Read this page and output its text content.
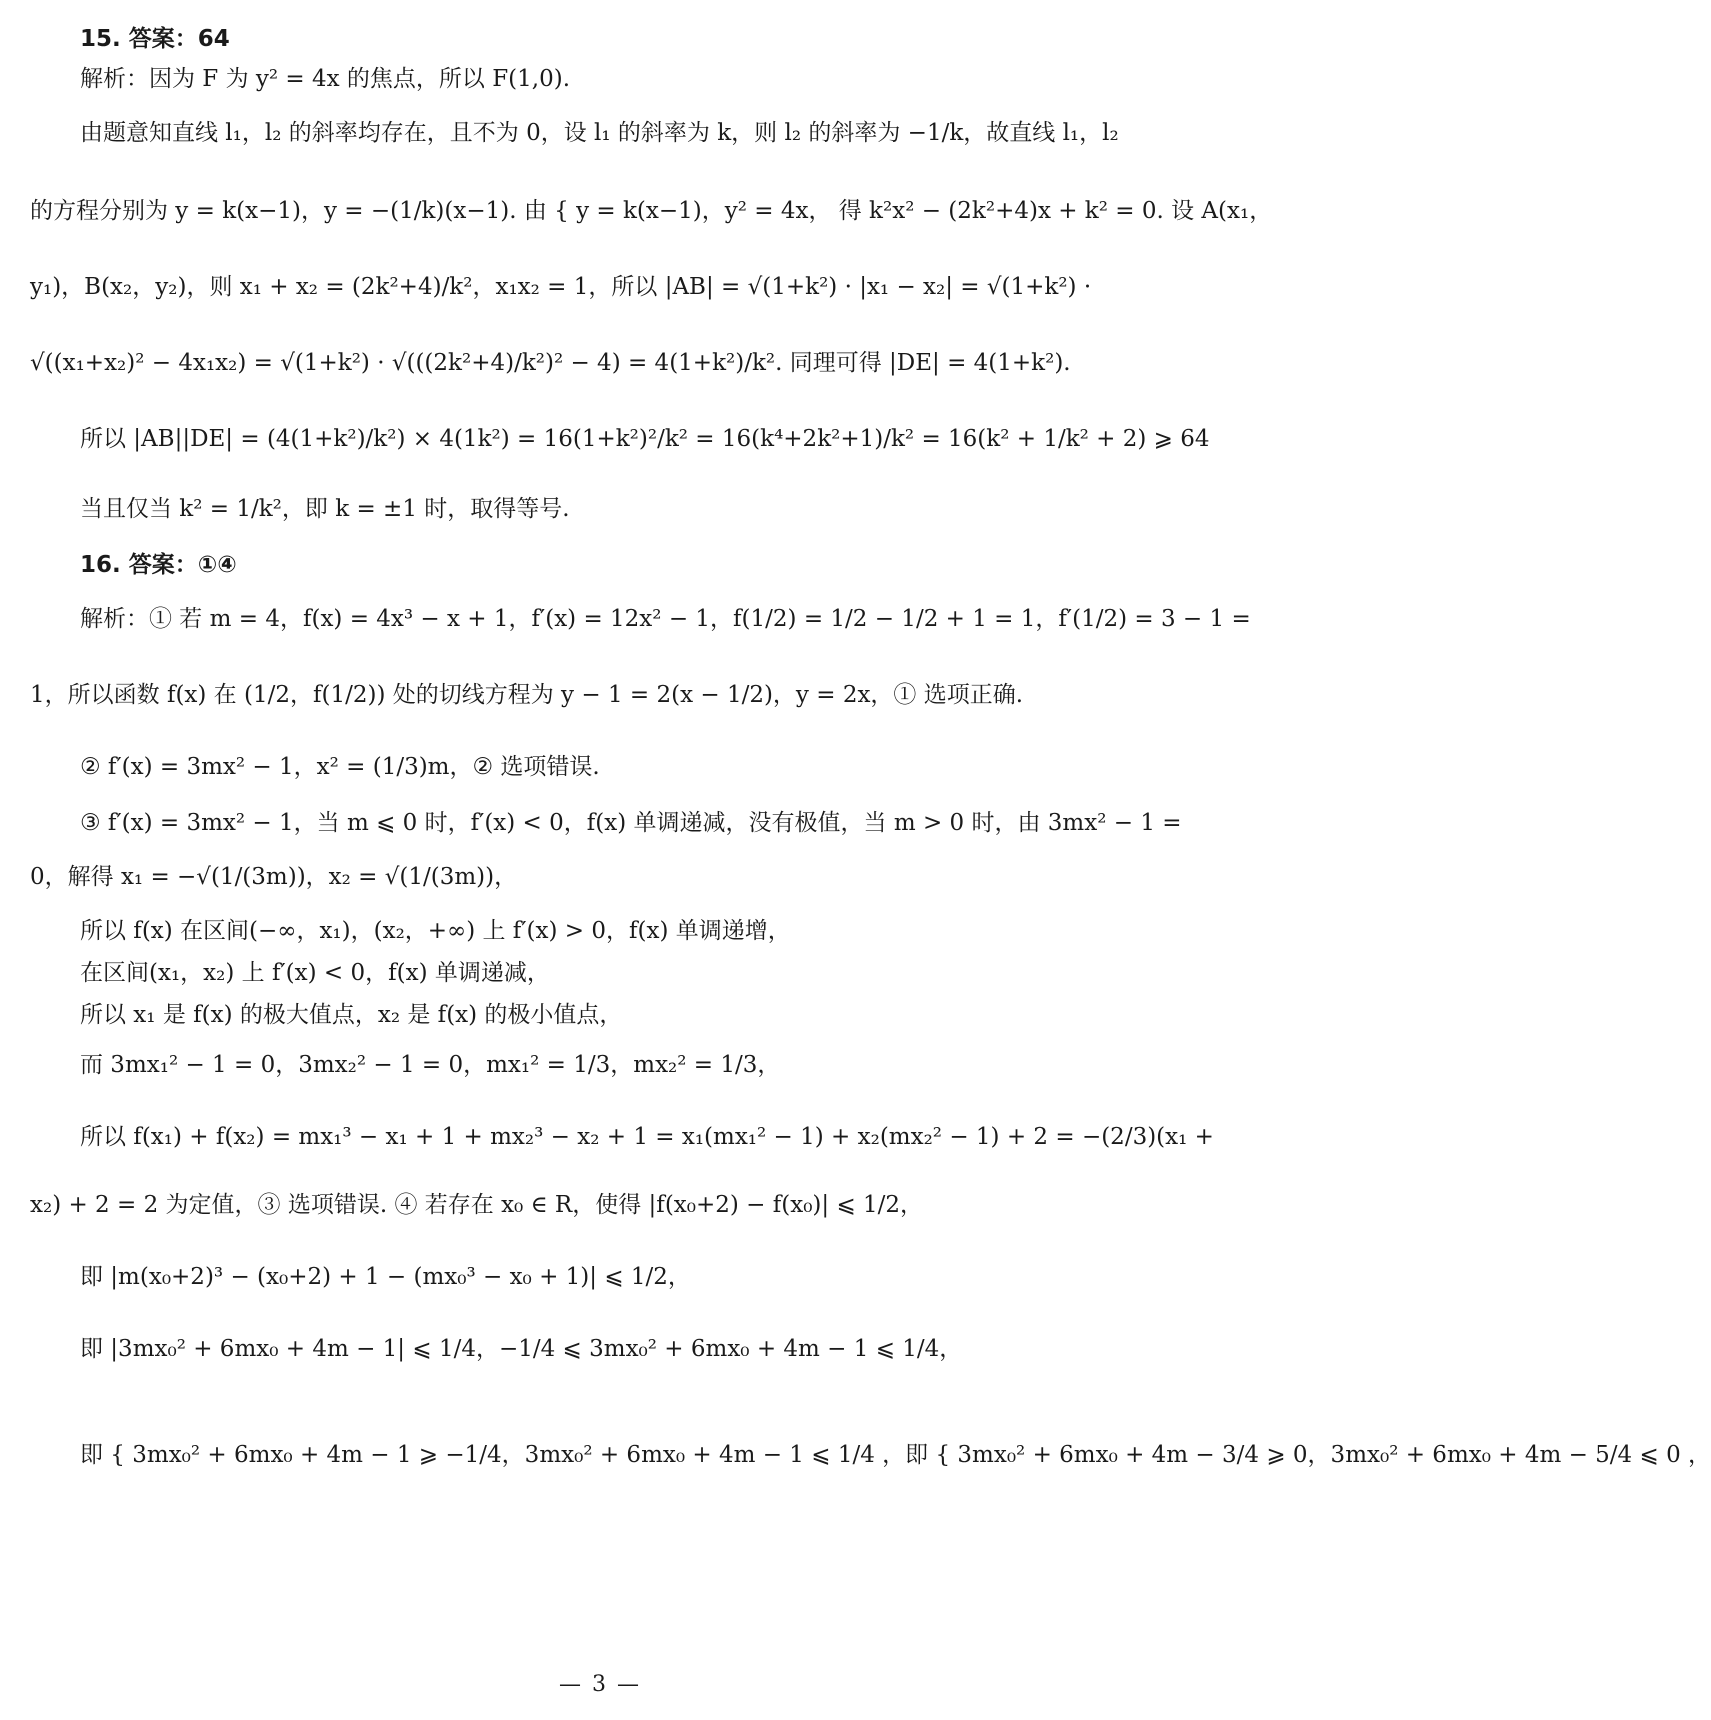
15. 答案：64
解析：因为 F 为 y² = 4x 的焦点，所以 F(1,0).
由题意知直线 l₁，l₂ 的斜率均存在，且不为 0，设 l₁ 的斜率为 k，则 l₂ 的斜率为 −1/k，故直线 l₁，l₂
的方程分别为 y = k(x−1)，y = −(1/k)(x−1). 由 { y = k(x−1)，y² = 4x， 得 k²x² − (2k²+4)x + k² = 0. 设 A(x₁，
y₁)，B(x₂，y₂)，则 x₁ + x₂ = (2k²+4)/k²，x₁x₂ = 1，所以 |AB| = √(1+k²) · |x₁ − x₂| = √(1+k²) ·
√((x₁+x₂)² − 4x₁x₂) = √(1+k²) · √(((2k²+4)/k²)² − 4) = 4(1+k²)/k². 同理可得 |DE| = 4(1+k²).
所以 |AB||DE| = (4(1+k²)/k²) × 4(1k²) = 16(1+k²)²/k² = 16(k⁴+2k²+1)/k² = 16(k² + 1/k² + 2) ⩾ 64
当且仅当 k² = 1/k²，即 k = ±1 时，取得等号.
16. 答案：①④
解析：① 若 m = 4，f(x) = 4x³ − x + 1，f′(x) = 12x² − 1，f(1/2) = 1/2 − 1/2 + 1 = 1，f′(1/2) = 3 − 1 =
1，所以函数 f(x) 在 (1/2，f(1/2)) 处的切线方程为 y − 1 = 2(x − 1/2)，y = 2x，① 选项正确.
② f′(x) = 3mx² − 1，x² = (1/3)m，② 选项错误.
③ f′(x) = 3mx² − 1，当 m ⩽ 0 时，f′(x) < 0，f(x) 单调递减，没有极值，当 m > 0 时，由 3mx² − 1 =
0，解得 x₁ = −√(1/(3m))，x₂ = √(1/(3m))，
所以 f(x) 在区间(−∞，x₁)，(x₂，+∞) 上 f′(x) > 0，f(x) 单调递增，
在区间(x₁，x₂) 上 f′(x) < 0，f(x) 单调递减，
所以 x₁ 是 f(x) 的极大值点，x₂ 是 f(x) 的极小值点，
而 3mx₁² − 1 = 0，3mx₂² − 1 = 0，mx₁² = 1/3，mx₂² = 1/3，
所以 f(x₁) + f(x₂) = mx₁³ − x₁ + 1 + mx₂³ − x₂ + 1 = x₁(mx₁² − 1) + x₂(mx₂² − 1) + 2 = −(2/3)(x₁ +
x₂) + 2 = 2 为定值，③ 选项错误. ④ 若存在 x₀ ∈ R，使得 |f(x₀+2) − f(x₀)| ⩽ 1/2，
即 |m(x₀+2)³ − (x₀+2) + 1 − (mx₀³ − x₀ + 1)| ⩽ 1/2，
即 |3mx₀² + 6mx₀ + 4m − 1| ⩽ 1/4，−1/4 ⩽ 3mx₀² + 6mx₀ + 4m − 1 ⩽ 1/4，
即 { 3mx₀² + 6mx₀ + 4m − 1 ⩾ −1/4，3mx₀² + 6mx₀ + 4m − 1 ⩽ 1/4 ，即 { 3mx₀² + 6mx₀ + 4m − 3/4 ⩾ 0，3mx₀² + 6mx₀ + 4m − 5/4 ⩽ 0 ，
— 3 —
